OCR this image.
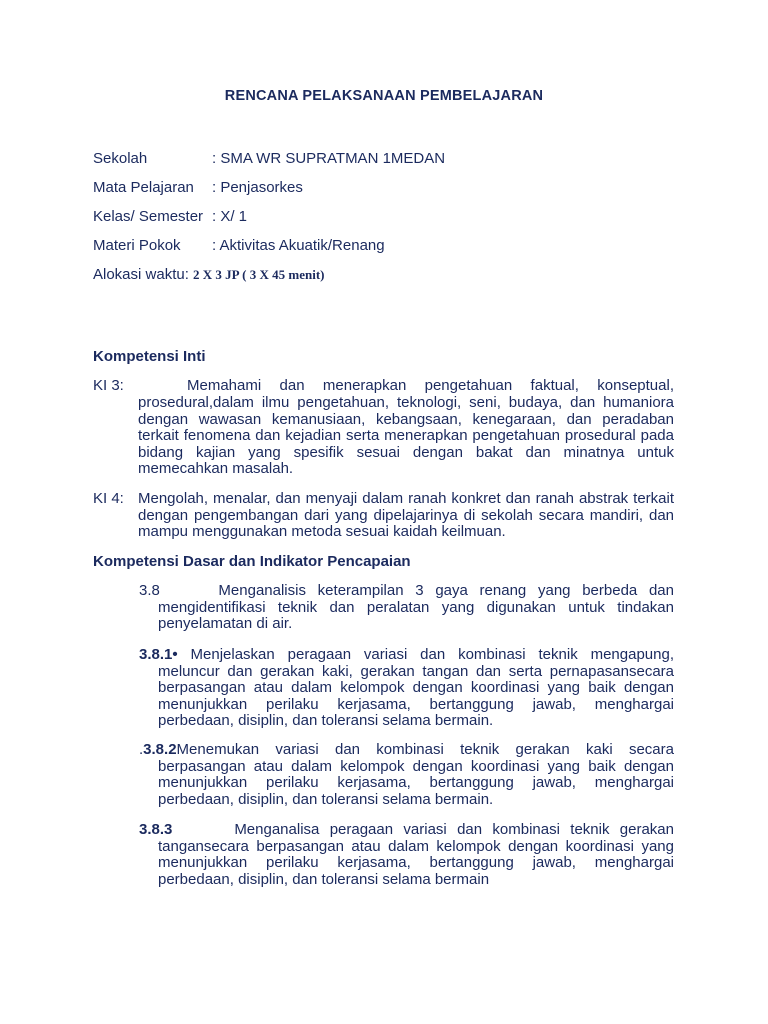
RENCANA PELAKSANAAN PEMBELAJARAN
Sekolah	: SMA WR SUPRATMAN 1MEDAN
Mata Pelajaran : Penjasorkes
Kelas/ Semester : X/ 1
Materi Pokok : Aktivitas Akuatik/Renang
Alokasi waktu: 2 X 3 JP ( 3 X 45 menit)
Kompetensi Inti
KI 3:	Memahami dan menerapkan pengetahuan faktual, konseptual,
prosedural,dalam ilmu pengetahuan, teknologi, seni, budaya, dan humaniora dengan wawasan kemanusiaan, kebangsaan, kenegaraan, dan peradaban terkait fenomena dan kejadian serta menerapkan pengetahuan prosedural pada bidang kajian yang spesifik sesuai dengan bakat dan minatnya untuk memecahkan masalah.
KI 4: Mengolah, menalar, dan menyaji dalam ranah konkret dan ranah abstrak terkait dengan pengembangan dari yang dipelajarinya di sekolah secara mandiri, dan mampu menggunakan metoda sesuai kaidah keilmuan.
Kompetensi Dasar dan Indikator Pencapaian
3.8	Menganalisis keterampilan 3 gaya renang yang berbeda dan mengidentifikasi teknik dan peralatan yang digunakan untuk tindakan penyelamatan di air.
3.8.1• Menjelaskan peragaan variasi dan kombinasi teknik mengapung, meluncur dan gerakan kaki, gerakan tangan dan serta pernapasansecara berpasangan atau dalam kelompok dengan koordinasi yang baik dengan menunjukkan perilaku kerjasama, bertanggung jawab, menghargai perbedaan, disiplin, dan toleransi selama bermain.
.3.8.2Menemukan variasi dan kombinasi teknik gerakan kaki secara berpasangan atau dalam kelompok dengan koordinasi yang baik dengan menunjukkan perilaku kerjasama, bertanggung jawab, menghargai perbedaan, disiplin, dan toleransi selama bermain.
3.8.3	Menganalisa peragaan variasi dan kombinasi teknik gerakan tangansecara berpasangan atau dalam kelompok dengan koordinasi yang menunjukkan perilaku kerjasama, bertanggung jawab, menghargai perbedaan, disiplin, dan toleransi selama bermain
